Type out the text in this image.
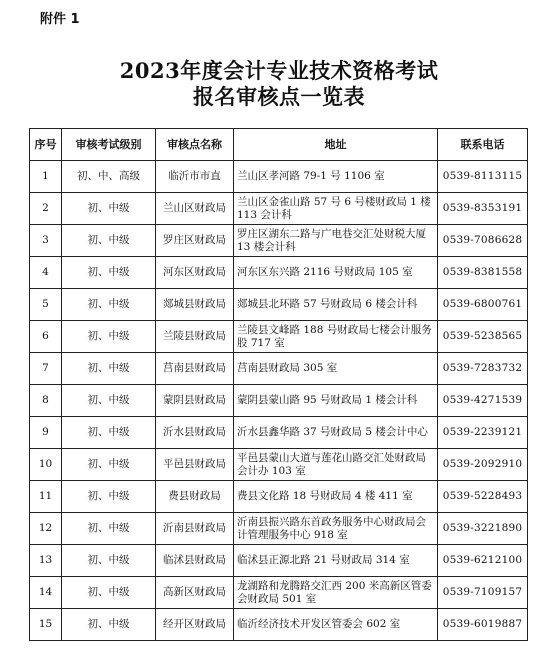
附件 1
2023年度会计专业技术资格考试
报名审核点一览表
序号	审核考试级别	审核点名称	地址	联系电话
1	初、中、高级	临沂市市直	兰山区孝河路 79-1 号 1106 室	0539-8113115
2	初、中级	兰山区财政局	兰山区金雀山路 57 号 6 号楼财政局 1 楼 113 会计科	0539-8353191
3	初、中级	罗庄区财政局	罗庄区湖东二路与广电巷交汇处财税大厦 13 楼会计科	0539-7086628
4	初、中级	河东区财政局	河东区东兴路 2116 号财政局 105 室	0539-8381558
5	初、中级	郯城县财政局	郯城县北环路 57 号财政局 6 楼会计科	0539-6800761
6	初、中级	兰陵县财政局	兰陵县文峰路 188 号财政局七楼会计服务股 717 室	0539-5238565
7	初、中级	莒南县财政局	莒南县财政局 305 室	0539-7283732
8	初、中级	蒙阴县财政局	蒙阴县蒙山路 95 号财政局 1 楼会计科	0539-4271539
9	初、中级	沂水县财政局	沂水县鑫华路 37 号财政局 5 楼会计中心	0539-2239121
10	初、中级	平邑县财政局	平邑县蒙山大道与莲花山路交汇处财政局会计办 103 室	0539-2092910
11	初、中级	费县财政局	费县文化路 18 号财政局 4 楼 411 室	0539-5228493
12	初、中级	沂南县财政局	沂南县振兴路东首政务服务中心财政局会计管理服务中心 918 室	0539-3221890
13	初、中级	临沭县财政局	临沭县正源北路 21 号财政局 314 室	0539-6212100
14	初、中级	高新区财政局	龙湖路和龙腾路交汇西 200 米高新区管委会财政局 501 室	0539-7109157
15	初、中级	经开区财政局	临沂经济技术开发区管委会 602 室	0539-6019887
